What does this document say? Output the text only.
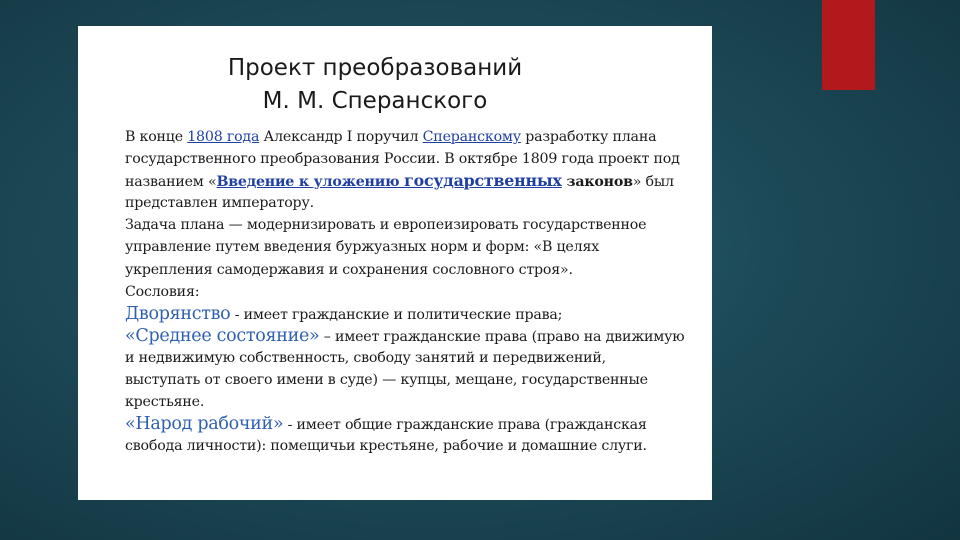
Проект преобразований
М. М. Сперанского
В конце 1808 года Александр I поручил Сперанскому разработку плана
государственного преобразования России. В октябре 1809 года проект под
названием «Введение к уложению государственных законов» был
представлен императору.
Задача плана — модернизировать и европеизировать государственное
управление путем введения буржуазных норм и форм: «В целях
укрепления самодержавия и сохранения сословного строя».
Сословия:
Дворянство - имеет гражданские и политические права;
«Среднее состояние» – имеет гражданские права (право на движимую
и недвижимую собственность, свободу занятий и передвижений,
выступать от своего имени в суде) — купцы, мещане, государственные
крестьяне.
«Народ рабочий» - имеет общие гражданские права (гражданская
свобода личности): помещичьи крестьяне, рабочие и домашние слуги.
